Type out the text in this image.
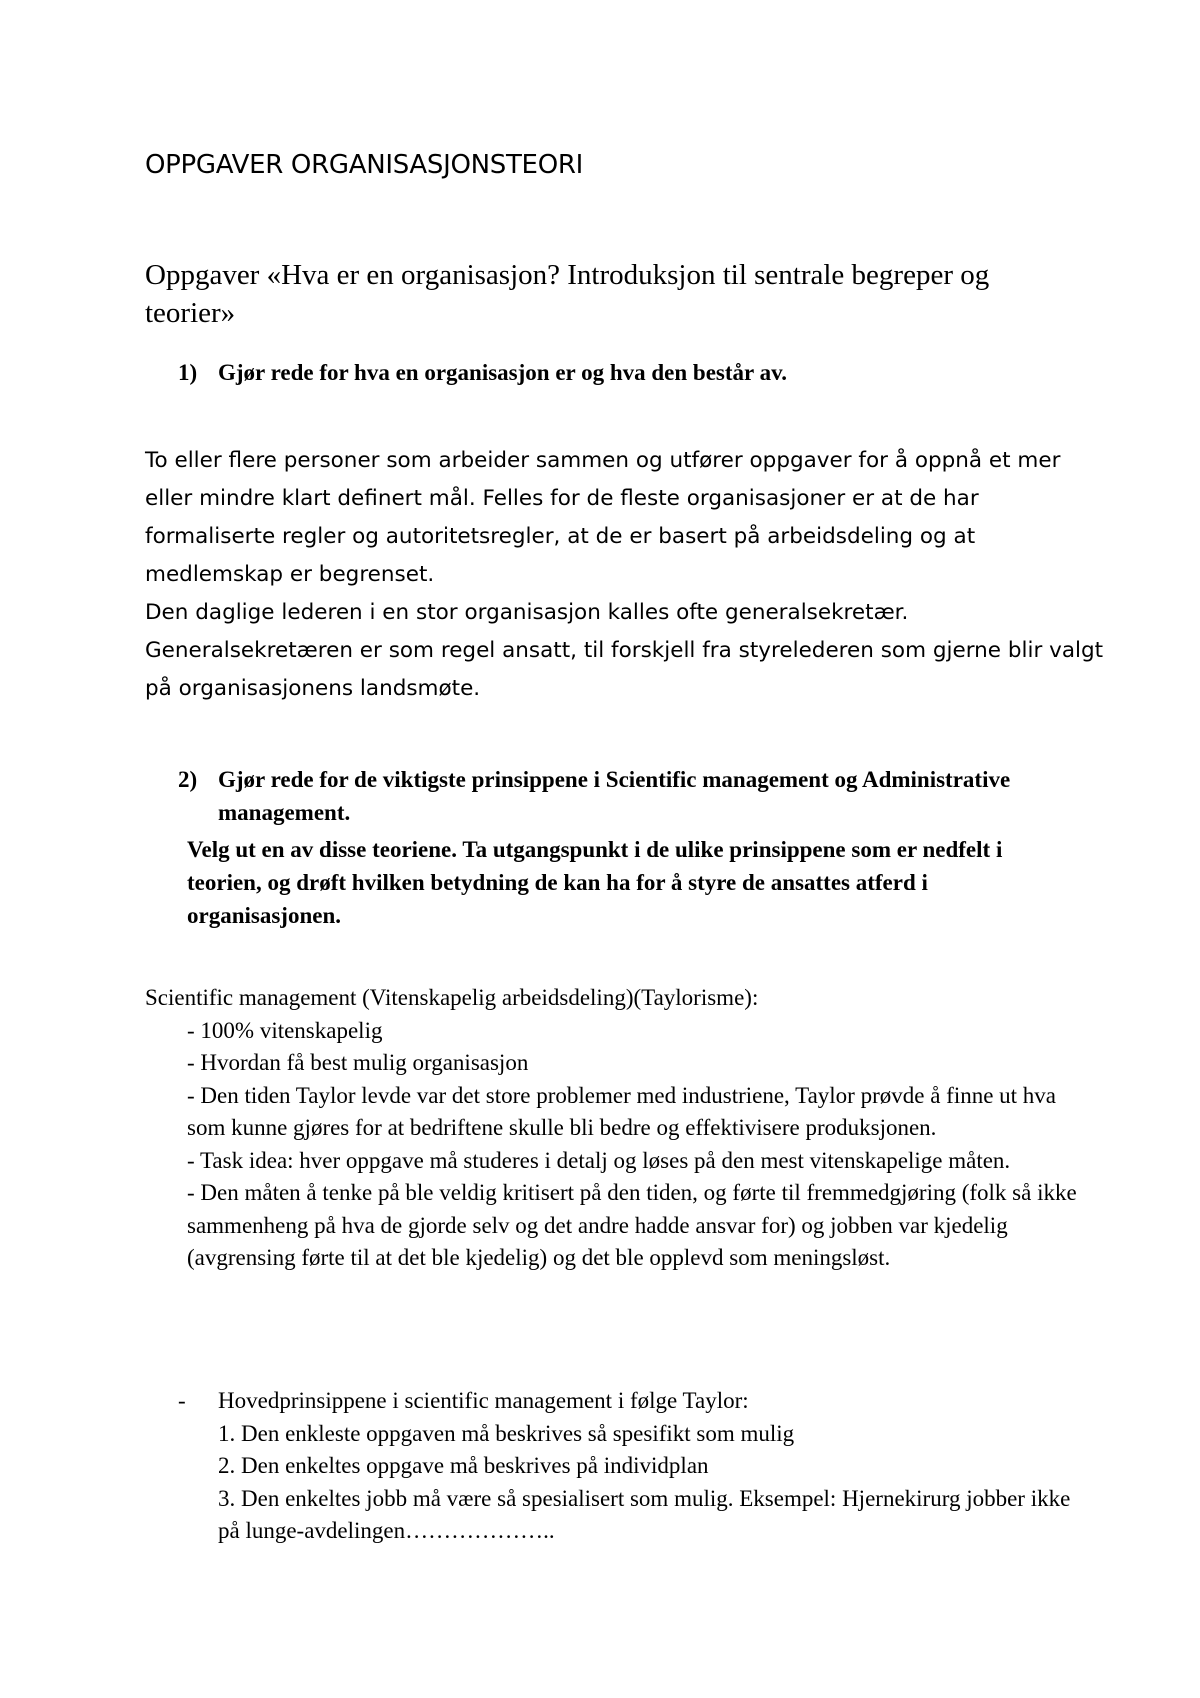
OPPGAVER ORGANISASJONSTEORI
Oppgaver «Hva er en organisasjon? Introduksjon til sentrale begreper og teorier»
1) Gjør rede for hva en organisasjon er og hva den består av.

To eller flere personer som arbeider sammen og utfører oppgaver for å oppnå et mer eller mindre klart definert mål. Felles for de fleste organisasjoner er at de har formaliserte regler og autoritetsregler, at de er basert på arbeidsdeling og at medlemskap er begrenset.

Den daglige lederen i en stor organisasjon kalles ofte generalsekretær. Generalsekretæren er som regel ansatt, til forskjell fra styrelederen som gjerne blir valgt på organisasjonens landsmøte.

2) Gjør rede for de viktigste prinsippene i Scientific management og Administrative management.
Velg ut en av disse teoriene. Ta utgangspunkt i de ulike prinsippene som er nedfelt i teorien, og drøft hvilken betydning de kan ha for å styre de ansattes atferd i organisasjonen.

Scientific management (Vitenskapelig arbeidsdeling)(Taylorisme):

- 100% vitenskapelig

- Hvordan få best mulig organisasjon

- Den tiden Taylor levde var det store problemer med industriene, Taylor prøvde å finne ut hva som kunne gjøres for at bedriftene skulle bli bedre og effektivisere produksjonen.

- Task idea: hver oppgave må studeres i detalj og løses på den mest vitenskapelige måten.

- Den måten å tenke på ble veldig kritisert på den tiden, og førte til fremmedgjøring (folk så ikke sammenheng på hva de gjorde selv og det andre hadde ansvar for) og jobben var kjedelig (avgrensing førte til at det ble kjedelig) og det ble opplevd som meningsløst.

-	Hovedprinsippene i scientific management i følge Taylor:

1. Den enkleste oppgaven må beskrives så spesifikt som mulig

2. Den enkeltes oppgave må beskrives på individplan

3. Den enkeltes jobb må være så spesialisert som mulig. Eksempel: Hjernekirurg jobber ikke på lunge-avdelingen………………..
